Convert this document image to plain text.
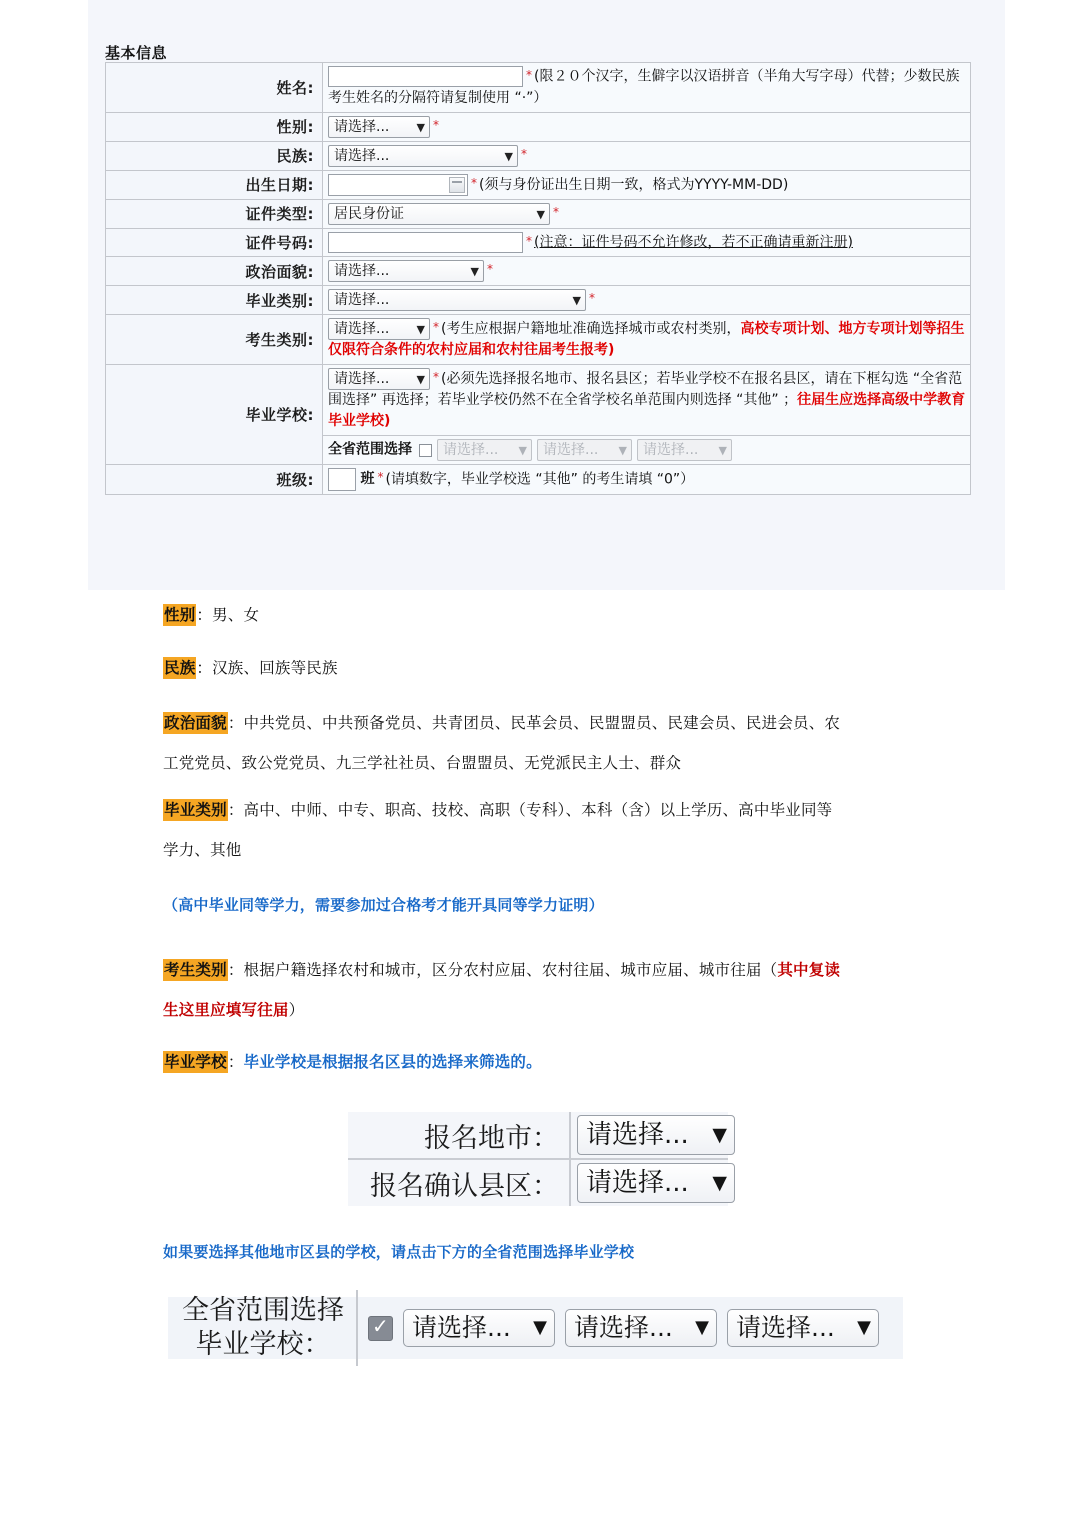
基本信息
姓名:	* (限２０个汉字，生僻字以汉语拼音（半角大写字母）代替；少数民族考生姓名的分隔符请复制使用 “·”）
性别:	请选择... ▼ *
民族:	请选择... ▼ *
出生日期:	* (须与身份证出生日期一致，格式为YYYY-MM-DD)
证件类型:	居民身份证 ▼ *
证件号码:	* (注意：证件号码不允许修改，若不正确请重新注册)
政治面貌:	请选择... ▼ *
毕业类别:	请选择... ▼ *
考生类别:	请选择... ▼ * (考生应根据户籍地址准确选择城市或农村类别，高校专项计划、地方专项计划等招生仅限符合条件的农村应届和农村往届考生报考)
毕业学校:	请选择... ▼ * (必须先选择报名地市、报名县区；若毕业学校不在报名县区，请在下框勾选 “全省范围选择” 再选择；若毕业学校仍然不在全省学校名单范围内则选择 “其他” ；往届生应选择高级中学教育毕业学校)
全省范围选择 请选择... ▼ 请选择... ▼ 请选择... ▼

班级:	班 * (请填数字，毕业学校选 “其他” 的考生请填 “0”）
性别：男、女
民族：汉族、回族等民族
政治面貌：中共党员、中共预备党员、共青团员、民革会员、民盟盟员、民建会员、民进会员、农
工党党员、致公党党员、九三学社社员、台盟盟员、无党派民主人士、群众
毕业类别：高中、中师、中专、职高、技校、高职（专科）、本科（含）以上学历、高中毕业同等
学力、其他
（高中毕业同等学力，需要参加过合格考才能开具同等学力证明）
考生类别：根据户籍选择农村和城市，区分农村应届、农村往届、城市应届、城市往届（其中复读
生这里应填写往届）
毕业学校：毕业学校是根据报名区县的选择来筛选的。
报名地市：	请选择... ▼

报名确认县区：	请选择... ▼
如果要选择其他地市区县的学校，请点击下方的全省范围选择毕业学校
全省范围选择
毕业学校：
✓
请选择... ▼	请选择... ▼	请选择... ▼
